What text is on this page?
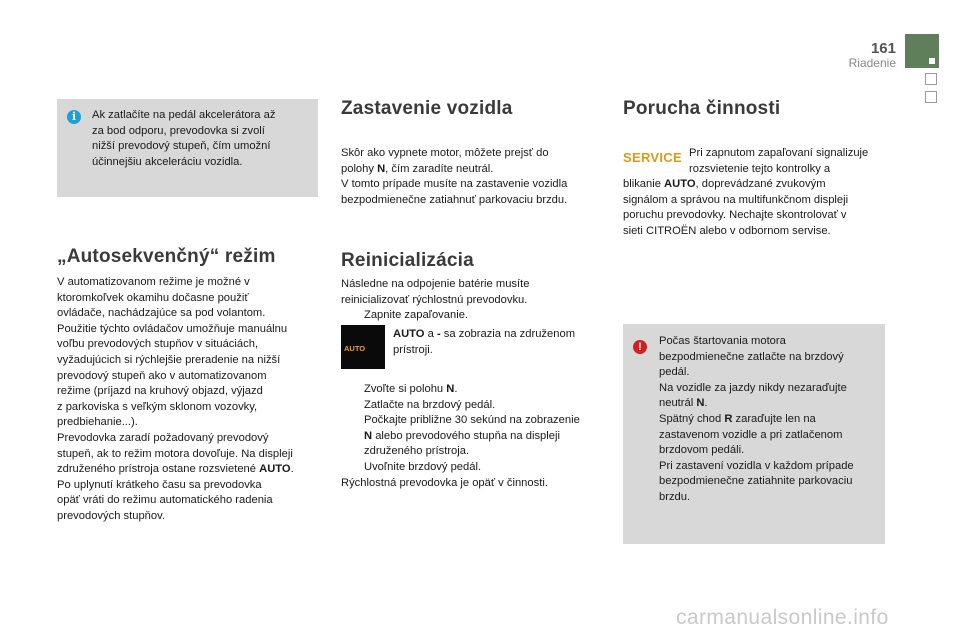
161
Riadenie
i	Ak zatlačíte na pedál akcelerátora až

za bod odporu, prevodovka si zvolí

nižší prevodový stupeň, čím umožní

účinnejšiu akceleráciu vozidla.

„Autosekvenčný“ režim

V automatizovanom režime je možné v

ktoromkoľvek okamihu dočasne použiť

ovládače, nachádzajúce sa pod volantom.

Použitie týchto ovládačov umožňuje manuálnu

voľbu prevodových stupňov v situáciách,

vyžadujúcich si rýchlejšie preradenie na nižší

prevodový stupeň ako v automatizovanom

režime (príjazd na kruhový objazd, výjazd

z parkoviska s veľkým sklonom vozovky,

predbiehanie...).

Prevodovka zaradí požadovaný prevodový

stupeň, ak to režim motora dovoľuje. Na displeji

združeného prístroja ostane rozsvietené AUTO.

Po uplynutí krátkeho času sa prevodovka

opäť vráti do režimu automatického radenia

prevodových stupňov.

Zastavenie vozidla

Skôr ako vypnete motor, môžete prejsť do

polohy N, čím zaradíte neutrál.

V tomto prípade musíte na zastavenie vozidla

bezpodmienečne zatiahnuť parkovaciu brzdu.

Reinicializácia

Následne na odpojenie batérie musíte

reinicializovať rýchlostnú prevodovku.

Zapnite zapaľovanie.
AUTO

AUTO a - sa zobrazia na združenom

prístroji.

Zvoľte si polohu N.
Zatlačte na brzdový pedál.
Počkajte približne 30 sekúnd na zobrazenie
N alebo prevodového stupňa na displeji
združeného prístroja.
Uvoľnite brzdový pedál.

Rýchlostná prevodovka je opäť v činnosti.

Porucha činnosti
SERVICE Pri zapnutom zapaľovaní signalizuje

rozsvietenie tejto kontrolky a

blikanie AUTO, doprevádzané zvukovým

signálom a správou na multifunkčnom displeji

poruchu prevodovky. Nechajte skontrolovať v

sieti CITROËN alebo v odbornom servise.

!	Počas štartovania motora

bezpodmienečne zatlačte na brzdový

pedál.

Na vozidle za jazdy nikdy nezaraďujte

neutrál N.

Spätný chod R zaraďujte len na

zastavenom vozidle a pri zatlačenom

brzdovom pedáli.

Pri zastavení vozidla v každom prípade

bezpodmienečne zatiahnite parkovaciu

brzdu.

carmanualsonline.info
